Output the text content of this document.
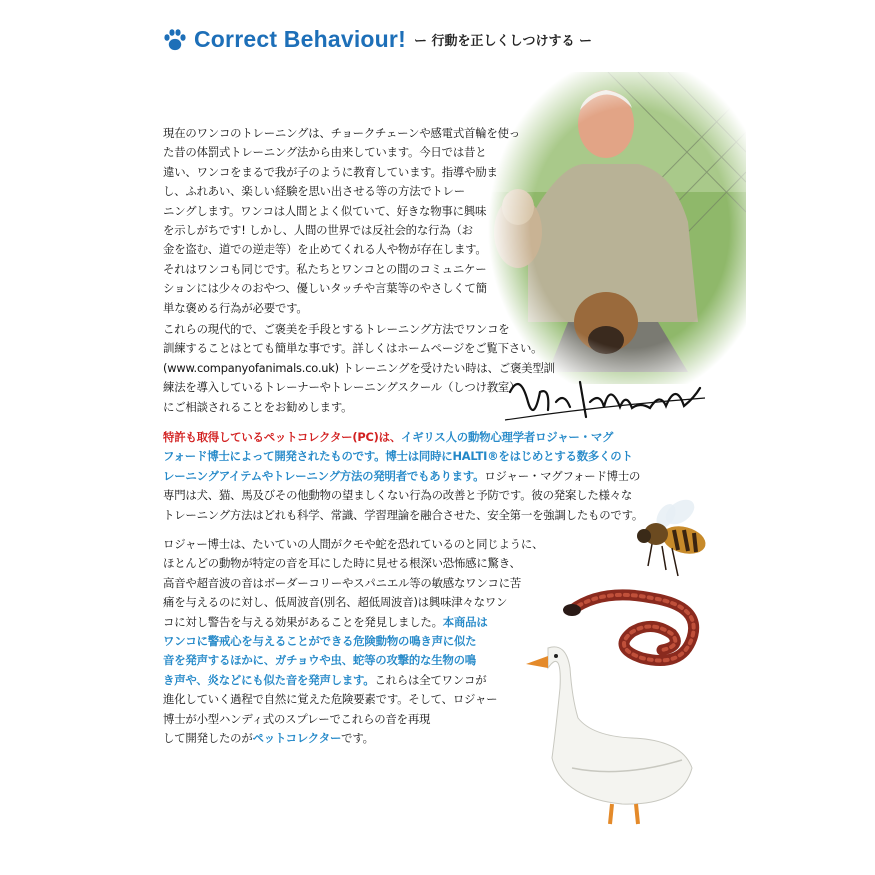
Correct Behaviour! ー 行動を正しくしつけする ー
現在のワンコのトレーニングは、チョークチェーンや感電式首輪を使っ
た昔の体罰式トレーニング法から由来しています。今日では昔と
違い、ワンコをまるで我が子のように教育しています。指導や励ま
し、ふれあい、楽しい経験を思い出させる等の方法でトレー
ニングします。ワンコは人間とよく似ていて、好きな物事に興味
を示しがちです! しかし、人間の世界では反社会的な行為（お
金を盗む、道での逆走等）を止めてくれる人や物が存在します。
それはワンコも同じです。私たちとワンコとの間のコミュニケー
ションには少々のおやつ、優しいタッチや言葉等のやさしくて簡
単な褒める行為が必要です。
これらの現代的で、ご褒美を手段とするトレーニング方法でワンコを
訓練することはとても簡単な事です。詳しくはホームページをご覧下さい。
(www.companyofanimals.co.uk) トレーニングを受けたい時は、ご褒美型訓
練法を導入しているトレーナーやトレーニングスクール（しつけ教室）
にご相談されることをお勧めします。
特許も取得しているペットコレクター(PC)は、イギリス人の動物心理学者ロジャー・マグ
フォード博士によって開発されたものです。博士は同時にHALTI®をはじめとする数多くのト
レーニングアイテムやトレーニング方法の発明者でもあります。ロジャー・マグフォード博士の
専門は犬、猫、馬及びその他動物の望ましくない行為の改善と予防です。彼の発案した様々な
トレーニング方法はどれも科学、常識、学習理論を融合させた、安全第一を強調したものです。
ロジャー博士は、たいていの人間がクモや蛇を恐れているのと同じように、
ほとんどの動物が特定の音を耳にした時に見せる根深い恐怖感に驚き、
高音や超音波の音はボーダーコリーやスパニエル等の敏感なワンコに苦
痛を与えるのに対し、低周波音(別名、超低周波音)は興味津々なワン
コに対し警告を与える効果があることを発見しました。本商品は
ワンコに警戒心を与えることができる危険動物の鳴き声に似た
音を発声するほかに、ガチョウや虫、蛇等の攻撃的な生物の鳴
き声や、炎などにも似た音を発声します。これらは全てワンコが
進化していく過程で自然に覚えた危険要素です。そして、ロジャー
博士が小型ハンディ式のスプレーでこれらの音を再現
して開発したのがペットコレクターです。
